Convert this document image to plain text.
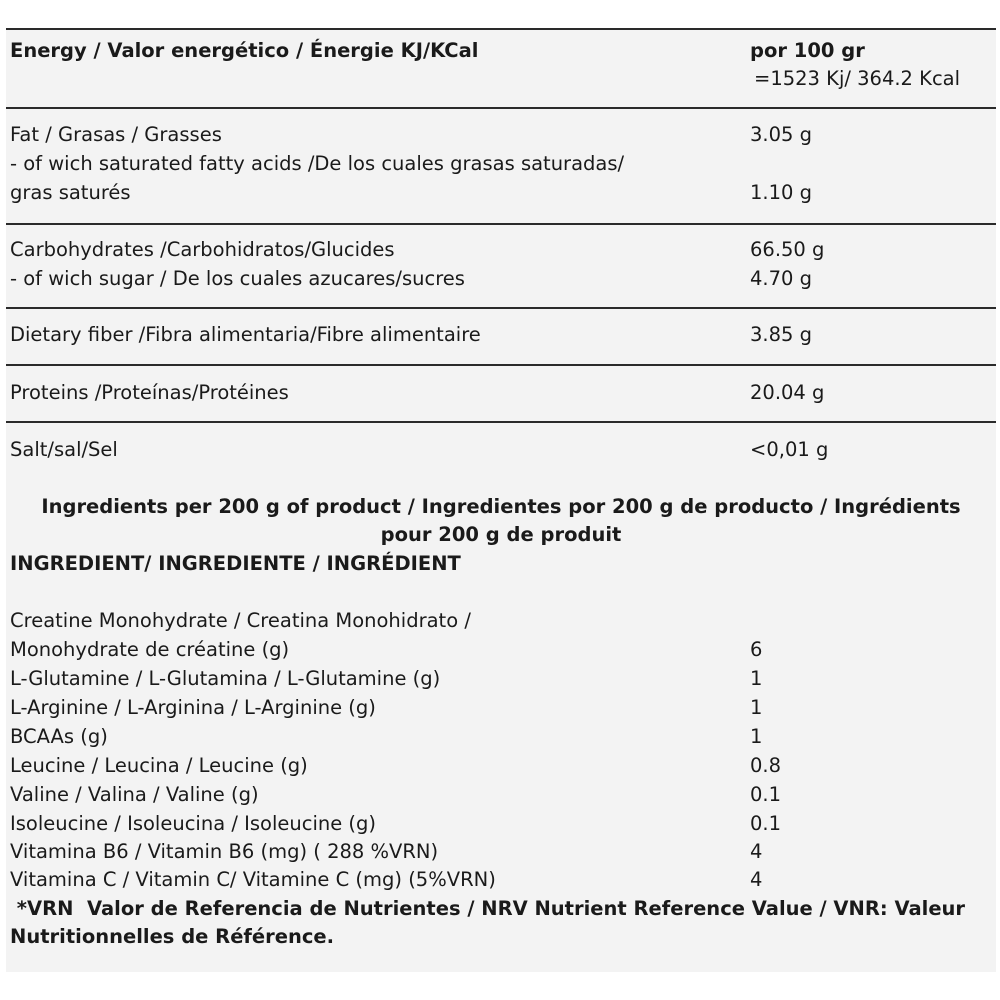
Energy / Valor energético / Énergie KJ/KCal	por 100 gr
=1523 Kj/ 364.2 Kcal
Fat / Grasas / Grasses	3.05 g
- of wich saturated fatty acids /De los cuales grasas saturadas/
gras saturés	1.10 g
Carbohydrates /Carbohidratos/Glucides	66.50 g
- of wich sugar / De los cuales azucares/sucres	4.70 g
Dietary fiber /Fibra alimentaria/Fibre alimentaire	3.85 g
Proteins /Proteínas/Protéines	20.04 g
Salt/sal/Sel	<0,01 g
Ingredients per 200 g of product / Ingredientes por 200 g de producto / Ingrédients
pour 200 g de produit
INGREDIENT/ INGREDIENTE / INGRÉDIENT
Creatine Monohydrate / Creatina Monohidrato /
Monohydrate de créatine (g)	6
L-Glutamine / L-Glutamina / L-Glutamine (g)	1
L-Arginine / L-Arginina / L-Arginine (g)	1
BCAAs (g)	1
Leucine / Leucina / Leucine (g)	0.8
Valine / Valina / Valine (g)	0.1
Isoleucine / Isoleucina / Isoleucine (g)	0.1
Vitamina B6 / Vitamin B6 (mg) ( 288 %VRN)	4
Vitamina C / Vitamin C/ Vitamine C (mg) (5%VRN)	4
*VRN  Valor de Referencia de Nutrientes / NRV Nutrient Reference Value / VNR: Valeur
Nutritionnelles de Référence.
